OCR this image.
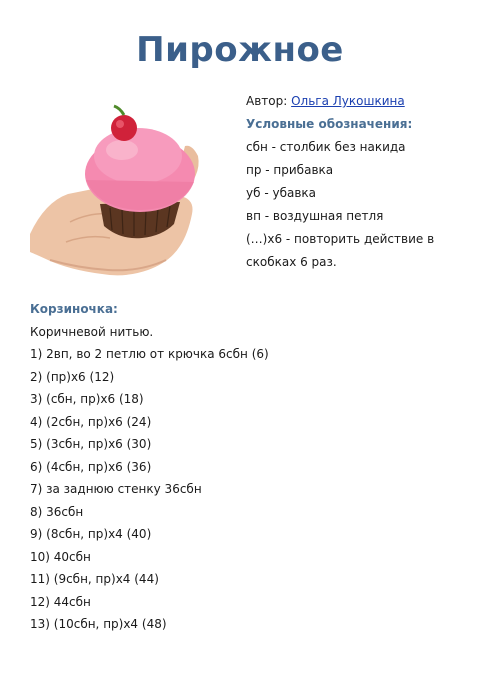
Пирожное
Автор: Ольга Лукошкина
Условные обозначения:
сбн - столбик без накида
пр - прибавка
уб - убавка
вп - воздушная петля
(…)х6 - повторить действие в
скобках 6 раз.
Корзиночка:
Коричневой нитью.
1) 2вп, во 2 петлю от крючка 6сбн (6)
2) (пр)х6 (12)
3) (сбн, пр)х6 (18)
4) (2сбн, пр)х6 (24)
5) (3сбн, пр)х6 (30)
6) (4сбн, пр)х6 (36)
7) за заднюю стенку 36сбн
8) 36сбн
9) (8сбн, пр)х4 (40)
10) 40сбн
11) (9сбн, пр)х4 (44)
12) 44сбн
13) (10сбн, пр)х4 (48)
